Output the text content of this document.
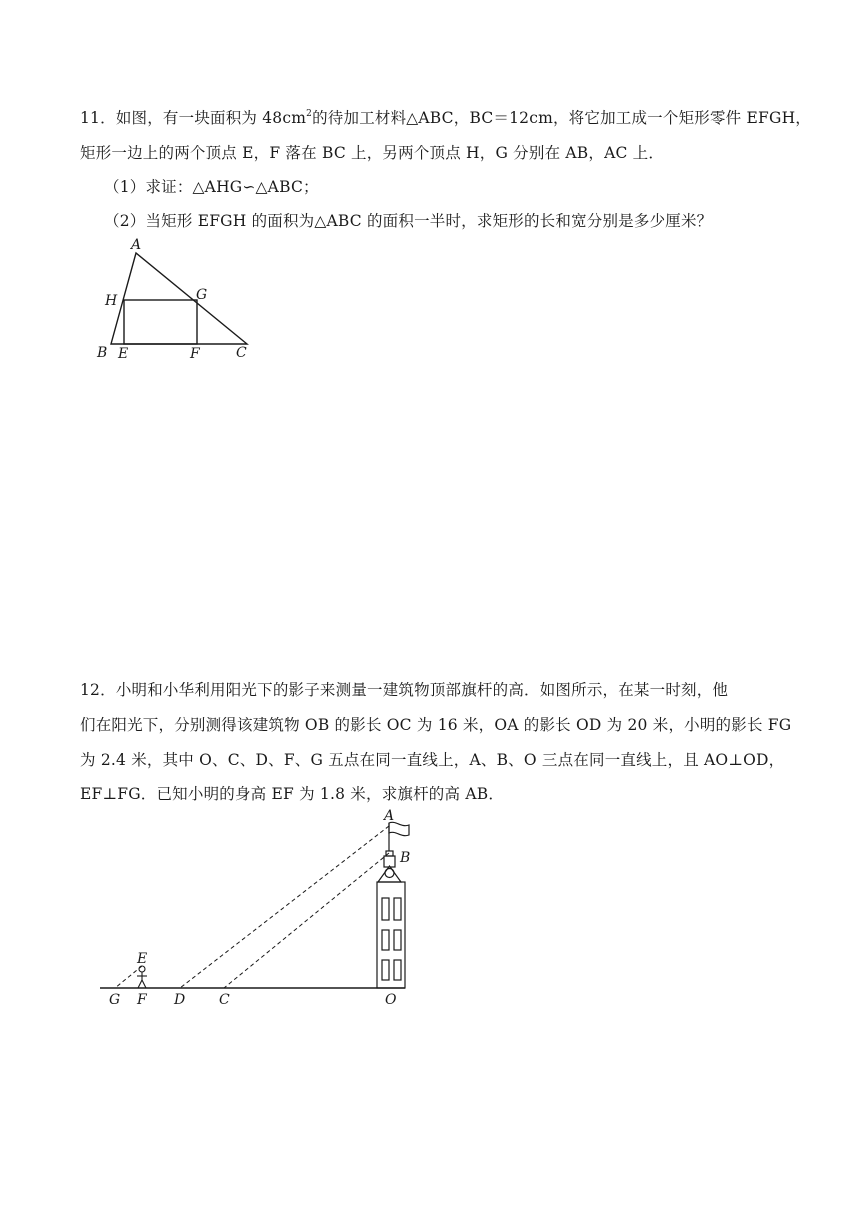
11．如图，有一块面积为 $48cm^2$的待加工材料△ABC，BC＝12cm，将它加工成一个矩形零件 EFGH，
矩形一边上的两个顶点 E，F 落在 BC 上，另两个顶点 H，G 分别在 AB，AC 上．
（1）求证：△AHG∽△ABC；
（2）当矩形 EFGH 的面积为△ABC 的面积一半时，求矩形的长和宽分别是多少厘米？
A
H	G
B E	F	C
12．小明和小华利用阳光下的影子来测量一建筑物顶部旗杆的高．如图所示，在某一时刻，他
们在阳光下，分别测得该建筑物 OB 的影长 OC 为 16 米，OA 的影长 OD 为 20 米，小明的影长 FG
为 2.4 米，其中 O、C、D、F、G 五点在同一直线上，A、B、O 三点在同一直线上，且 AO⊥OD，
EF⊥FG．已知小明的身高 EF 为 1.8 米，求旗杆的高 AB．
A
B
E
G F D C	O
